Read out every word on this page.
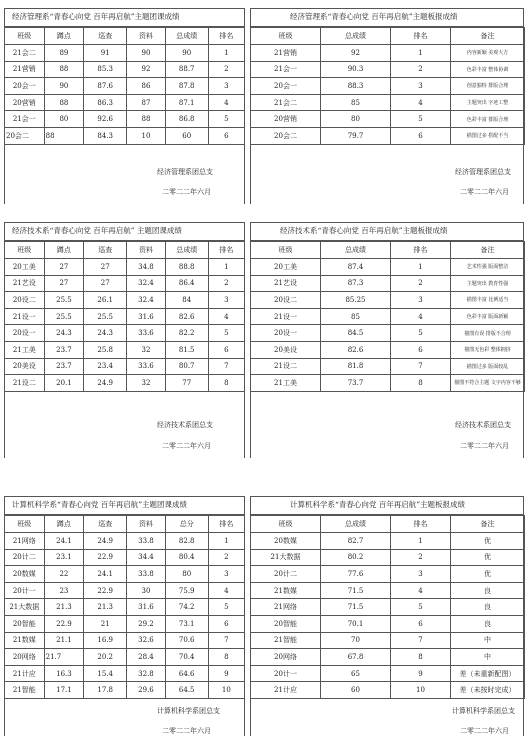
经济管理系“青春心向党 百年再启航”主题团课成绩
班级	蹲点	巡查	资料	总成绩	排名
21会二	89	91	90	90	1
21营销	88	85.3	92	88.7	2
20会一	90	87.6	86	87.8	3
20营销	88	86.3	87	87.1	4
21会一	80	92.6	88	86.8	5
20会二	88	84.3	10	60	6
经济管理系团总支
二零二二年六月
经济管理系“青春心向党 百年再启航”主题板报成绩
班级	总成绩	排名	备注
21营销	92	1	内容新颖 美观大方
21会一	90.3	2	色彩丰富 整体协调
20会一	88.3	3	创意独特 排版合理
21会二	85	4	主题突出 字迹工整
20营销	80	5	色彩丰富 排版合理
20会二	79.7	6	描图过多 搭配不当
经济管理系团总支
二零二二年六月
经济技术系“青春心向党 百年再启航” 主题团课成绩
班级	蹲点	巡查	资料	总成绩	排名
20工美	27	27	34.8	88.8	1
21艺设	27	27	32.4	86.4	2
20设二	25.5	26.1	32.4	84	3
21设一	25.5	25.5	31.6	82.6	4
20设一	24.3	24.3	33.6	82.2	5
21工美	23.7	25.8	32	81.5	6
20美设	23.7	23.4	33.6	80.7	7
21设二	20.1	24.9	32	77	8
经济技术系团总支
二零二二年六月
经济技术系“青春心向党 百年再启航”主题板报成绩
班级	总成绩	排名	备注
20工美	87.4	1	艺术性强 版面整洁
21艺设	87.3	2	主题突出 教育性强
20设二	85.25	3	描图丰富 比例适当
21设一	85	4	色彩丰富 版面新颖
20设一	84.5	5	描图有误 排版不合理
20美设	82.6	6	描图无色彩 整体拥挤
21设二	81.8	7	描图过多 版面较乱
21工美	73.7	8	描图不符合主题 文字内容不够
经济技术系团总支
二零二二年六月
计算机科学系“青春心向党 百年再启航”主题团课成绩
班级	蹲点	巡查	资料	总分	排名
21网络	24.1	24.9	33.8	82.8	1
20计二	23.1	22.9	34.4	80.4	2
20数媒	22	24.1	33.8	80	3
20计一	23	22.9	30	75.9	4
21大数据	21.3	21.3	31.6	74.2	5
20智能	22.9	21	29.2	73.1	6
21数媒	21.1	16.9	32.6	70.6	7
20网络	21.7	20.2	28.4	70.4	8
21计应	16.3	15.4	32.8	64.6	9
21智能	17.1	17.8	29.6	64.5	10
计算机科学系团总支
二零二二年六月
计算机科学系“青春心向党 百年再启航”主题板报成绩
班级	总成绩	排名	备注
20数媒	82.7	1	优
21大数据	80.2	2	优
20计二	77.6	3	优
21数媒	71.5	4	良
21网络	71.5	5	良
20智能	70.1	6	良
21智能	70	7	中
20网络	67.8	8	中
20计一	65	9	差（未重新配图）
21计应	60	10	差（未按时完成）
计算机科学系团总支
二零二二年六月
